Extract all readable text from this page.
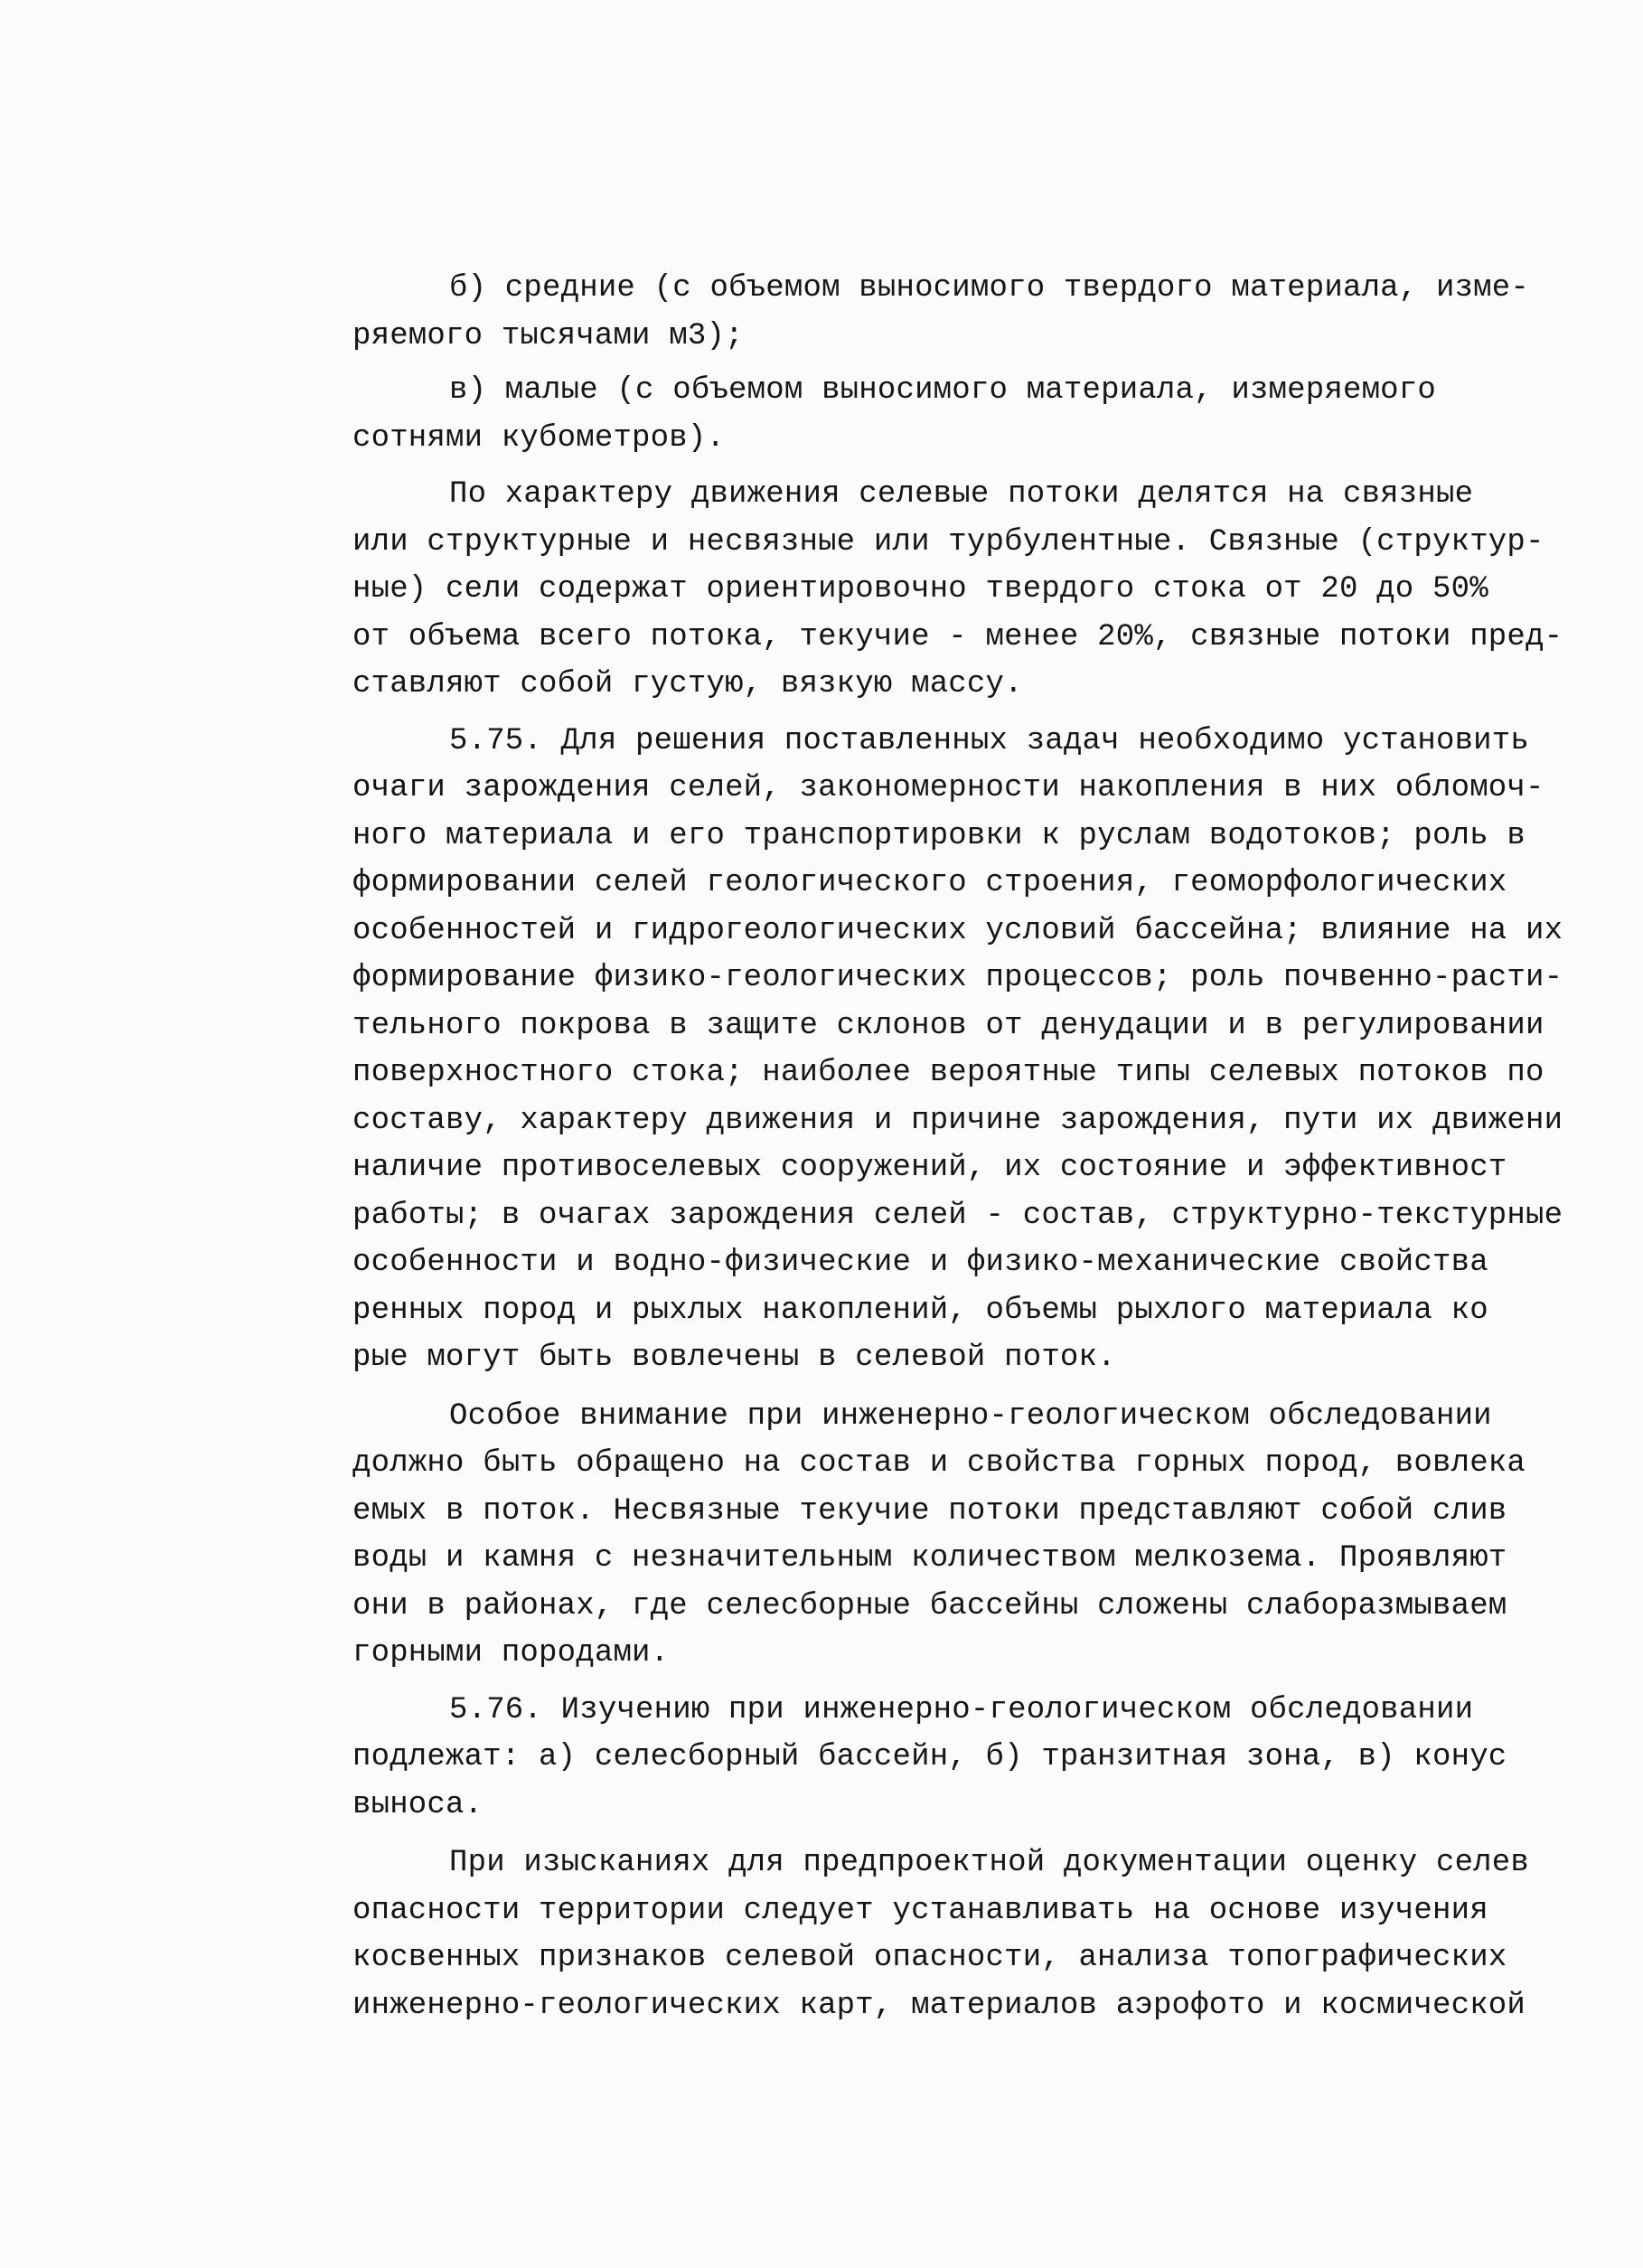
б) средние (с объемом выносимого твердого материала, изме-
ряемого тысячами м3);
в) малые (с объемом выносимого материала, измеряемого
сотнями кубометров).
По характеру движения селевые потоки делятся на связные
или структурные и несвязные или турбулентные. Связные (структур-
ные) сели содержат ориентировочно твердого стока от 20 до 50%
от объема всего потока, текучие - менее 20%, связные потоки пред-
ставляют собой густую, вязкую массу.
5.75. Для решения поставленных задач необходимо установить
очаги зарождения селей, закономерности накопления в них обломоч-
ного материала и его транспортировки к руслам водотоков; роль в
формировании селей геологического строения, геоморфологических
особенностей и гидрогеологических условий бассейна; влияние на их
формирование физико-геологических процессов; роль почвенно-расти-
тельного покрова в защите склонов от денудации и в регулировании
поверхностного стока; наиболее вероятные типы селевых потоков по
составу, характеру движения и причине зарождения, пути их движени
наличие противоселевых сооружений, их состояние и эффективност
работы; в очагах зарождения селей - состав, структурно-текстурные
особенности и водно-физические и физико-механические свойства
ренных пород и рыхлых накоплений, объемы рыхлого материала ко
рые могут быть вовлечены в селевой поток.
Особое внимание при инженерно-геологическом обследовании
должно быть обращено на состав и свойства горных пород, вовлека
емых в поток. Несвязные текучие потоки представляют собой слив
воды и камня с незначительным количеством мелкозема. Проявляют
они в районах, где селесборные бассейны сложены слаборазмываем
горными породами.
5.76. Изучению при инженерно-геологическом обследовании
подлежат: а) селесборный бассейн, б) транзитная зона, в) конус
выноса.
При изысканиях для предпроектной документации оценку селев
опасности территории следует устанавливать на основе изучения
косвенных признаков селевой опасности, анализа топографических
инженерно-геологических карт, материалов аэрофото и космической
